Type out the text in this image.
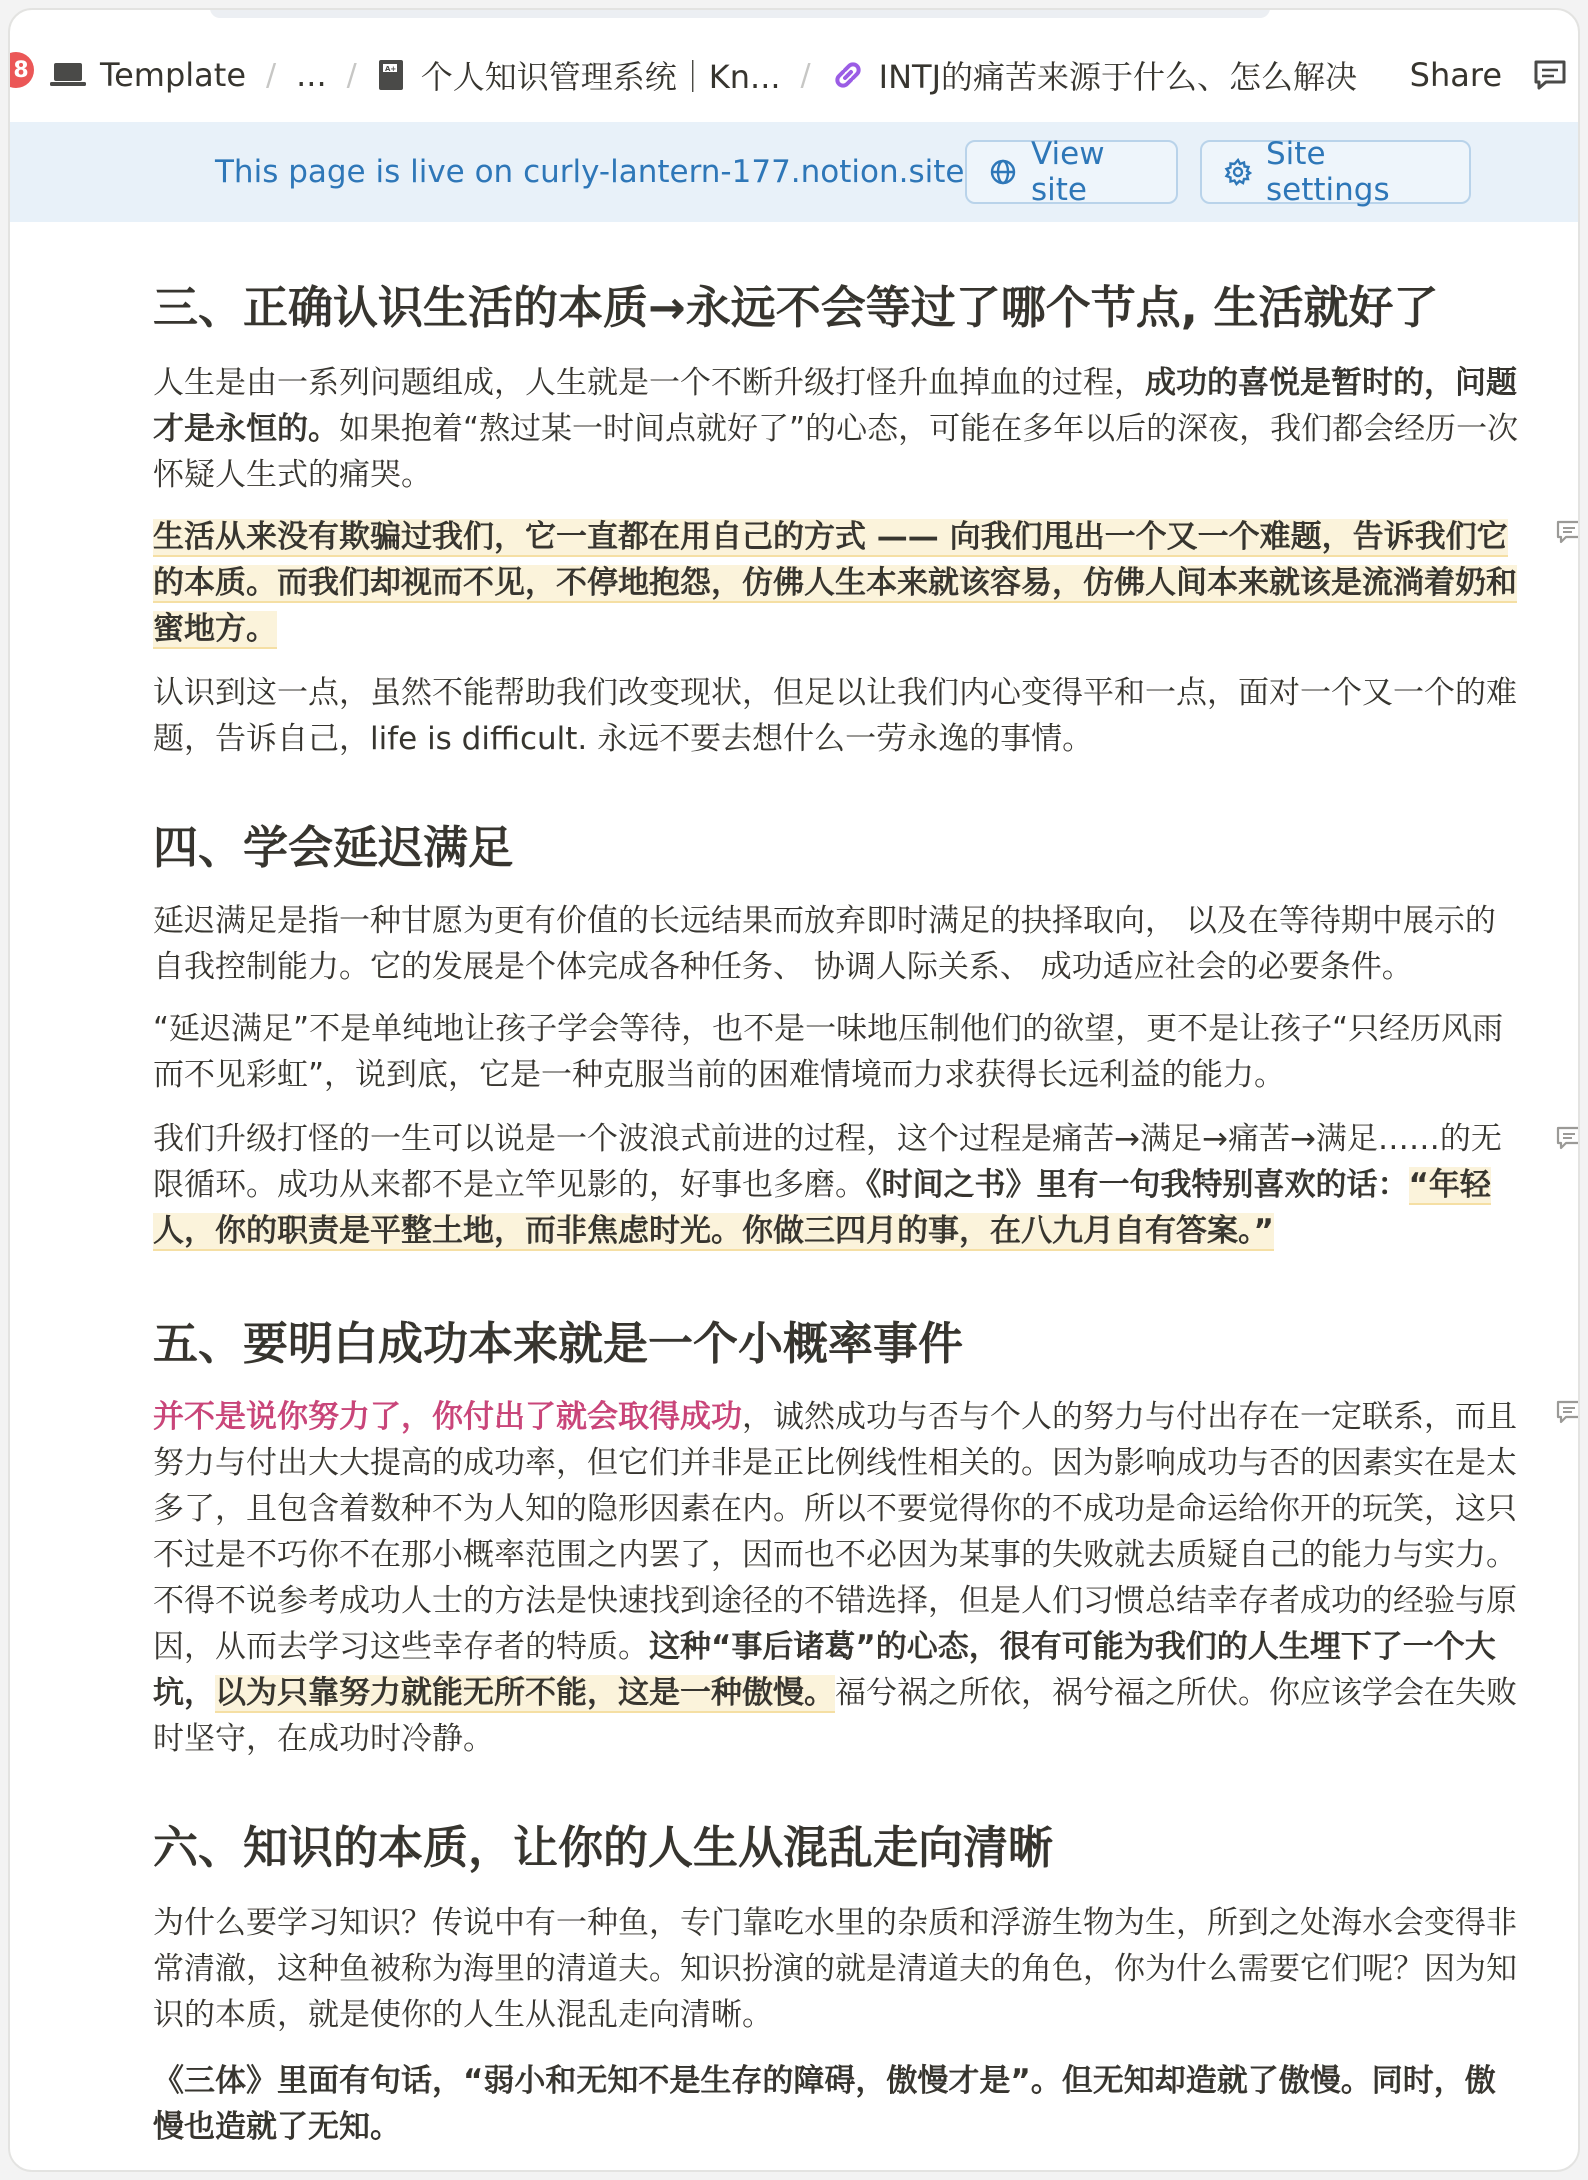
8 Template / ... /	A+ 个人知识管理系统｜Kn... / INTJ的痛苦来源于什么、怎么解决 Share
This page is live on curly-lantern-177.notion.site View site
Site settings
三、正确认识生活的本质→永远不会等过了哪个节点, 生活就好了
人生是由一系列问题组成，人生就是一个不断升级打怪升血掉血的过程，成功的喜悦是暂时的，问题才是永恒的。如果抱着“熬过某一时间点就好了”的心态，可能在多年以后的深夜，我们都会经历一次怀疑人生式的痛哭。
生活从来没有欺骗过我们，它一直都在用自己的方式 —— 向我们甩出一个又一个难题，告诉我们它的本质。而我们却视而不见，不停地抱怨，仿佛人生本来就该容易，仿佛人间本来就该是流淌着奶和蜜地方。
认识到这一点，虽然不能帮助我们改变现状，但足以让我们内心变得平和一点，面对一个又一个的难题，告诉自己，life is difficult. 永远不要去想什么一劳永逸的事情。
四、学会延迟满足
延迟满足是指一种甘愿为更有价值的长远结果而放弃即时满足的抉择取向， 以及在等待期中展示的自我控制能力。它的发展是个体完成各种任务、 协调人际关系、 成功适应社会的必要条件。
“延迟满足”不是单纯地让孩子学会等待，也不是一味地压制他们的欲望，更不是让孩子“只经历风雨而不见彩虹”，说到底，它是一种克服当前的困难情境而力求获得长远利益的能力。
我们升级打怪的一生可以说是一个波浪式前进的过程，这个过程是痛苦→满足→痛苦→满足……的无限循环。成功从来都不是立竿见影的，好事也多磨。《时间之书》里有一句我特别喜欢的话：“年轻人，你的职责是平整土地，而非焦虑时光。你做三四月的事，在八九月自有答案。”
五、要明白成功本来就是一个小概率事件
并不是说你努力了，你付出了就会取得成功，诚然成功与否与个人的努力与付出存在一定联系，而且努力与付出大大提高的成功率，但它们并非是正比例线性相关的。因为影响成功与否的因素实在是太多了，且包含着数种不为人知的隐形因素在内。所以不要觉得你的不成功是命运给你开的玩笑，这只不过是不巧你不在那小概率范围之内罢了，因而也不必因为某事的失败就去质疑自己的能力与实力。不得不说参考成功人士的方法是快速找到途径的不错选择，但是人们习惯总结幸存者成功的经验与原因，从而去学习这些幸存者的特质。这种“事后诸葛”的心态，很有可能为我们的人生埋下了一个大坑，以为只靠努力就能无所不能，这是一种傲慢。福兮祸之所依，祸兮福之所伏。你应该学会在失败时坚守，在成功时冷静。
六、知识的本质，让你的人生从混乱走向清晰
为什么要学习知识？传说中有一种鱼，专门靠吃水里的杂质和浮游生物为生，所到之处海水会变得非常清澈，这种鱼被称为海里的清道夫。知识扮演的就是清道夫的角色，你为什么需要它们呢？因为知识的本质，就是使你的人生从混乱走向清晰。
《三体》里面有句话，“弱小和无知不是生存的障碍，傲慢才是”。但无知却造就了傲慢。同时，傲慢也造就了无知。
